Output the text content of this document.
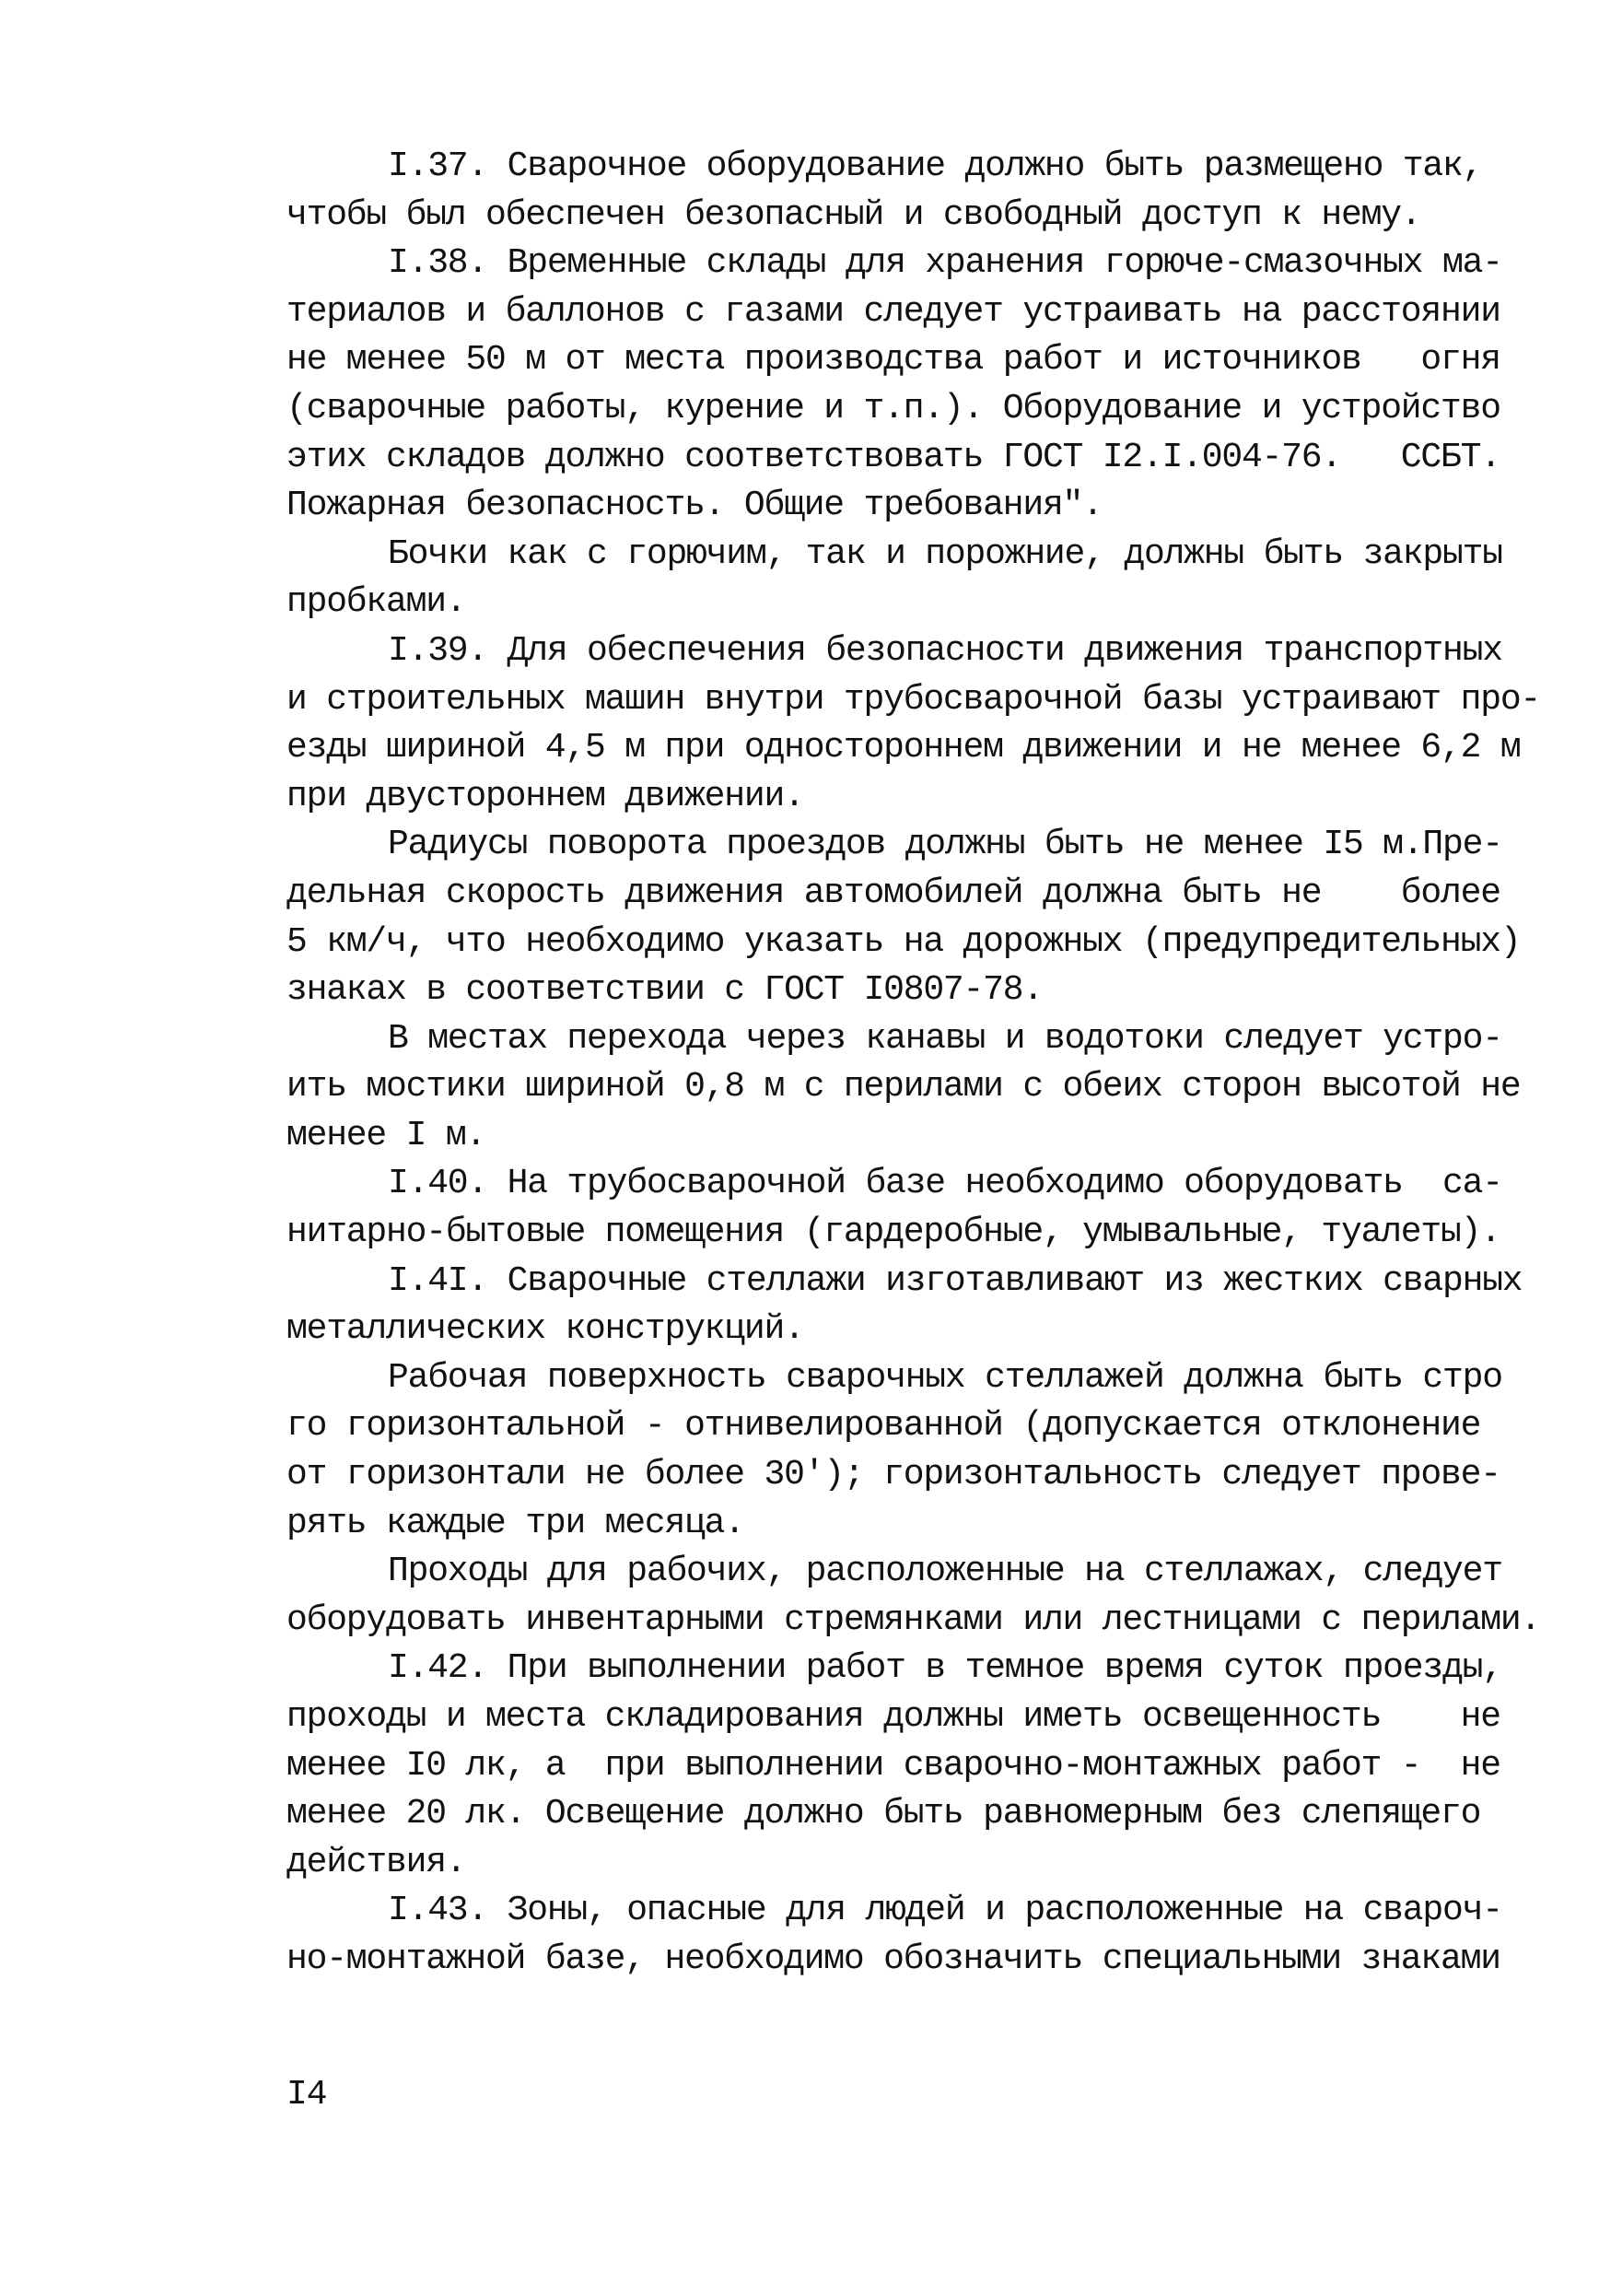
I.37. Сварочное оборудование должно быть размещено так,
чтобы был обеспечен безопасный и свободный доступ к нему.
I.38. Временные склады для хранения горюче-смазочных ма-
териалов и баллонов с газами следует устраивать на расстоянии
не менее 50 м от места производства работ и источников   огня
(сварочные работы, курение и т.п.). Оборудование и устройство
этих складов должно соответствовать ГОСТ I2.I.004-76.   ССБТ.
Пожарная безопасность. Общие требования".
Бочки как с горючим, так и порожние, должны быть закрыты
пробками.
I.39. Для обеспечения безопасности движения транспортных
и строительных машин внутри трубосварочной базы устраивают про-
езды шириной 4,5 м при одностороннем движении и не менее 6,2 м
при двустороннем движении.
Радиусы поворота проездов должны быть не менее I5 м.Пре-
дельная скорость движения автомобилей должна быть не    более
5 км/ч, что необходимо указать на дорожных (предупредительных)
знаках в соответствии с ГОСТ I0807-78.
В местах перехода через канавы и водотоки следует устро-
ить мостики шириной 0,8 м с перилами с обеих сторон высотой не
менее I м.
I.40. На трубосварочной базе необходимо оборудовать  са-
нитарно-бытовые помещения (гардеробные, умывальные, туалеты).
I.4I. Сварочные стеллажи изготавливают из жестких сварных
металлических конструкций.
Рабочая поверхность сварочных стеллажей должна быть стро
го горизонтальной - отнивелированной (допускается отклонение
от горизонтали не более 30′); горизонтальность следует прове-
рять каждые три месяца.
Проходы для рабочих, расположенные на стеллажах, следует
оборудовать инвентарными стремянками или лестницами с перилами.
I.42. При выполнении работ в темное время суток проезды,
проходы и места складирования должны иметь освещенность    не
менее I0 лк, а  при выполнении сварочно-монтажных работ -  не
менее 20 лк. Освещение должно быть равномерным без слепящего
действия.
I.43. Зоны, опасные для людей и расположенные на свароч-
но-монтажной базе, необходимо обозначить специальными знаками
I4
